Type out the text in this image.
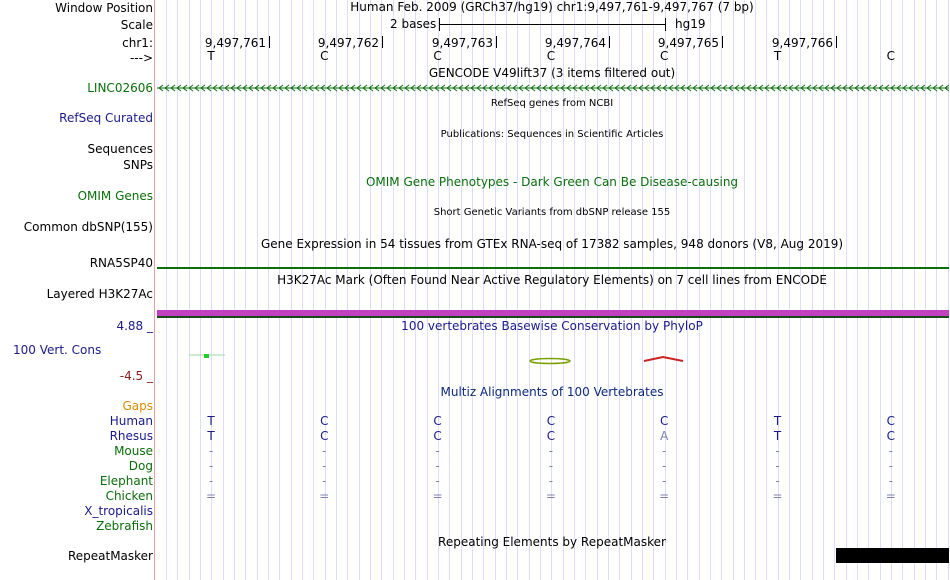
Window Position	Human Feb. 2009 (GRCh37/hg19) chr1:9,497,761-9,497,767 (7 bp)
Scale	2 bases	hg19
chr1:	9,497,761	9,497,762	9,497,763	9,497,764	9,497,765	9,497,766
--->	T	C	C	C	C	T	C
GENCODE V49lift37 (3 items filtered out)
LINC02606
RefSeq genes from NCBI
RefSeq Curated
Publications: Sequences in Scientific Articles
Sequences
SNPs
OMIM Gene Phenotypes - Dark Green Can Be Disease-causing
OMIM Genes
Short Genetic Variants from dbSNP release 155
Common dbSNP(155)
Gene Expression in 54 tissues from GTEx RNA-seq of 17382 samples, 948 donors (V8, Aug 2019)
RNA5SP40
H3K27Ac Mark (Often Found Near Active Regulatory Elements) on 7 cell lines from ENCODE
Layered H3K27Ac
100 vertebrates Basewise Conservation by PhyloP
4.88 _
100 Vert. Cons
-4.5 _
Multiz Alignments of 100 Vertebrates
Gaps
Human	T	C	C	C	C	T	C
Rhesus	T	C	C	C	A	T	C
Mouse	-	-	-	-	-	-	-
Dog	-	-	-	-	-	-	-
Elephant	-	-	-	-	-	-	-
Chicken	=	=	=	=	=	=	=
X_tropicalis
Zebrafish
Repeating Elements by RepeatMasker
RepeatMasker
